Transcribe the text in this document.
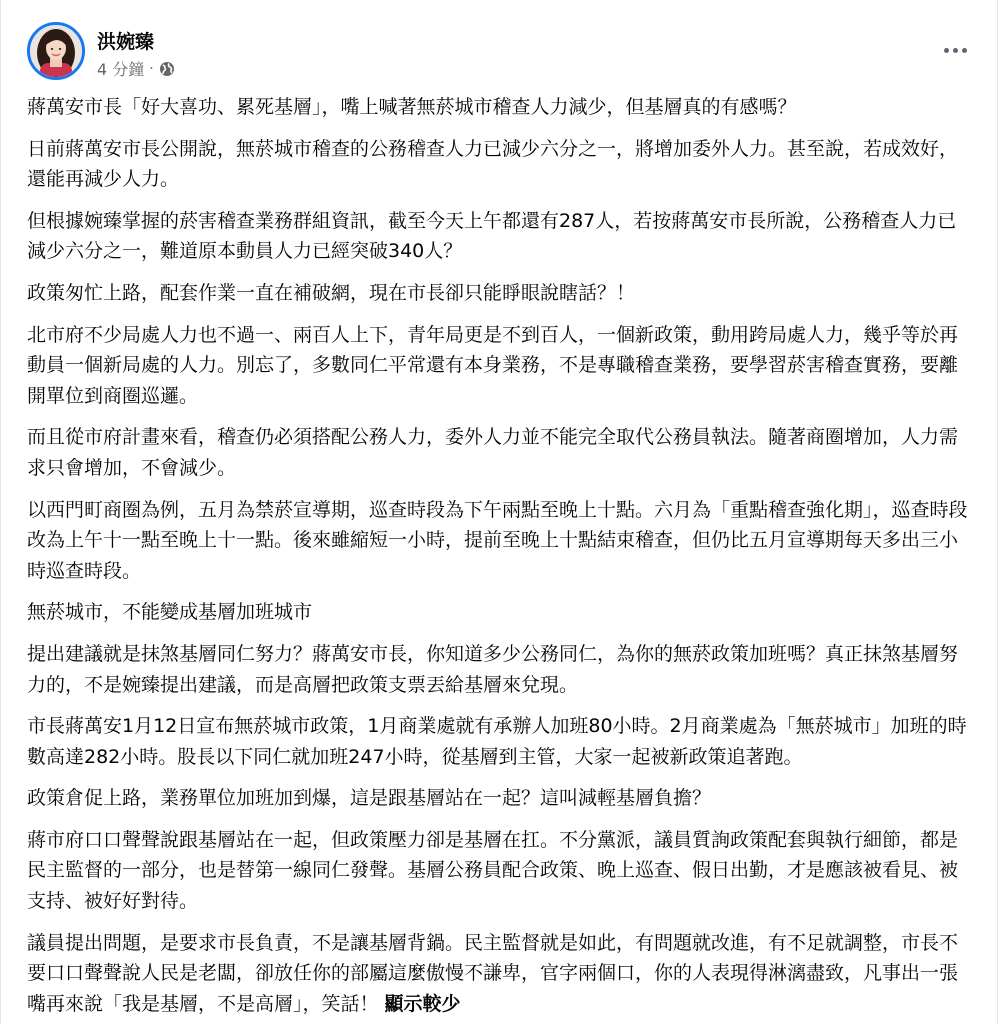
洪婉臻
4 分鐘 ·

蔣萬安市長「好大喜功、累死基層」，嘴上喊著無菸城市稽查人力減少，但基層真的有感嗎？

日前蔣萬安市長公開說，無菸城市稽查的公務稽查人力已減少六分之一，將增加委外人力。甚至說，若成效好，還能再減少人力。

但根據婉臻掌握的菸害稽查業務群組資訊，截至今天上午都還有287人，若按蔣萬安市長所說，公務稽查人力已減少六分之一，難道原本動員人力已經突破340人？

政策匆忙上路，配套作業一直在補破網，現在市長卻只能睜眼說瞎話？！

北市府不少局處人力也不過一、兩百人上下，青年局更是不到百人，一個新政策，動用跨局處人力，幾乎等於再動員一個新局處的人力。別忘了，多數同仁平常還有本身業務，不是專職稽查業務，要學習菸害稽查實務，要離開單位到商圈巡邏。

而且從市府計畫來看，稽查仍必須搭配公務人力，委外人力並不能完全取代公務員執法。隨著商圈增加，人力需求只會增加，不會減少。

以西門町商圈為例，五月為禁菸宣導期，巡查時段為下午兩點至晚上十點。六月為「重點稽查強化期」，巡查時段改為上午十一點至晚上十一點。後來雖縮短一小時，提前至晚上十點結束稽查，但仍比五月宣導期每天多出三小時巡查時段。

無菸城市，不能變成基層加班城市

提出建議就是抹煞基層同仁努力？蔣萬安市長，你知道多少公務同仁，為你的無菸政策加班嗎？真正抹煞基層努力的，不是婉臻提出建議，而是高層把政策支票丟給基層來兌現。

市長蔣萬安1月12日宣布無菸城市政策，1月商業處就有承辦人加班80小時。2月商業處為「無菸城市」加班的時數高達282小時。股長以下同仁就加班247小時，從基層到主管，大家一起被新政策追著跑。

政策倉促上路，業務單位加班加到爆，這是跟基層站在一起？這叫減輕基層負擔？

蔣市府口口聲聲說跟基層站在一起，但政策壓力卻是基層在扛。不分黨派，議員質詢政策配套與執行細節，都是民主監督的一部分，也是替第一線同仁發聲。基層公務員配合政策、晚上巡查、假日出勤，才是應該被看見、被支持、被好好對待。

議員提出問題，是要求市長負責，不是讓基層背鍋。民主監督就是如此，有問題就改進，有不足就調整，市長不要口口聲聲說人民是老闆，卻放任你的部屬這麼傲慢不謙卑，官字兩個口，你的人表現得淋漓盡致，凡事出一張嘴再來說「我是基層，不是高層」，笑話！ 顯示較少
